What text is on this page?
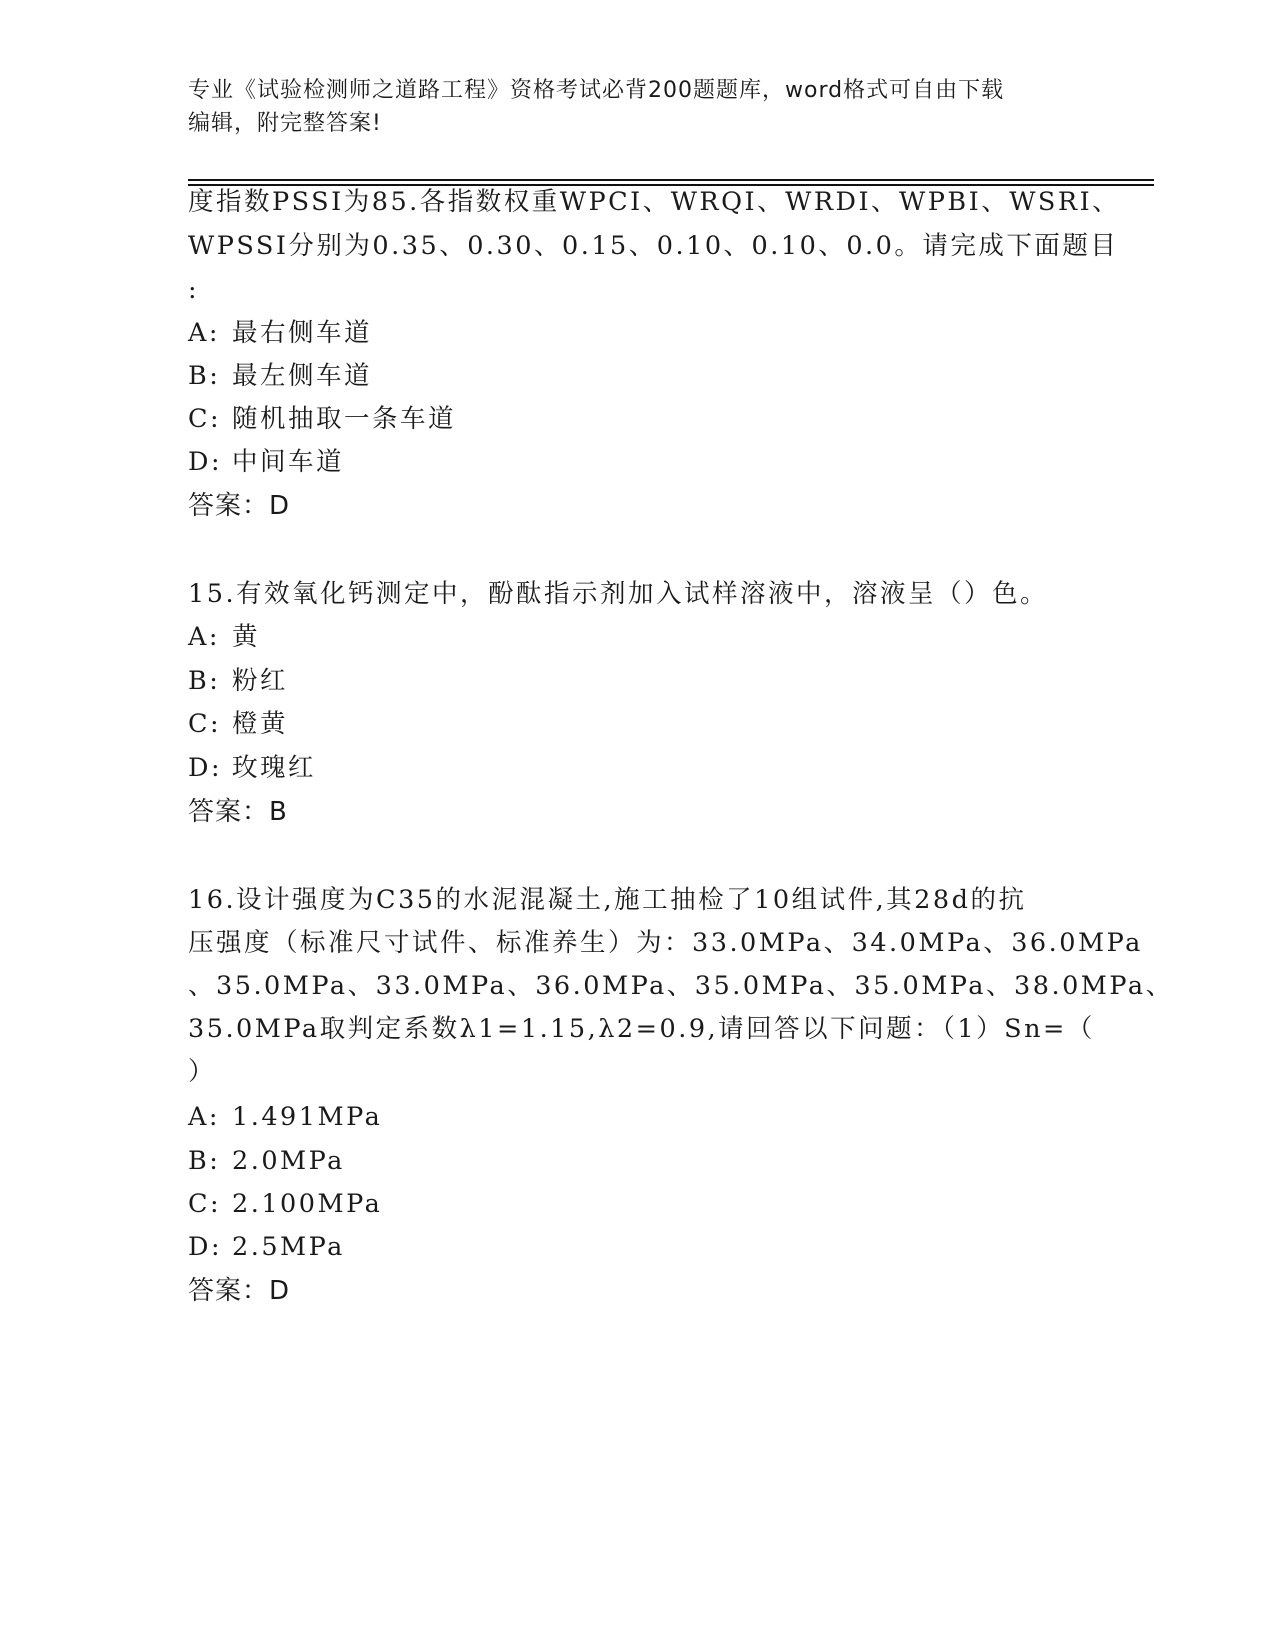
专业《试验检测师之道路工程》资格考试必背200题题库，word格式可自由下载
编辑，附完整答案!
度指数PSSI为85.各指数权重WPCI、WRQI、WRDI、WPBI、WSRI、
WPSSI分别为0.35、0.30、0.15、0.10、0.10、0.0。请完成下面题目
:
A: 最右侧车道
B: 最左侧车道
C: 随机抽取一条车道
D: 中间车道
答案：D
15.有效氧化钙测定中，酚酞指示剂加入试样溶液中，溶液呈（）色。
A: 黄
B: 粉红
C: 橙黄
D: 玫瑰红
答案：B
16.设计强度为C35的水泥混凝土,施工抽检了10组试件,其28d的抗
压强度（标准尺寸试件、标准养生）为：33.0MPa、34.0MPa、36.0MPa
、35.0MPa、33.0MPa、36.0MPa、35.0MPa、35.0MPa、38.0MPa、
35.0MPa取判定系数λ1=1.15,λ2=0.9,请回答以下问题：（1）Sn=（
）
A: 1.491MPa
B: 2.0MPa
C: 2.100MPa
D: 2.5MPa
答案：D
